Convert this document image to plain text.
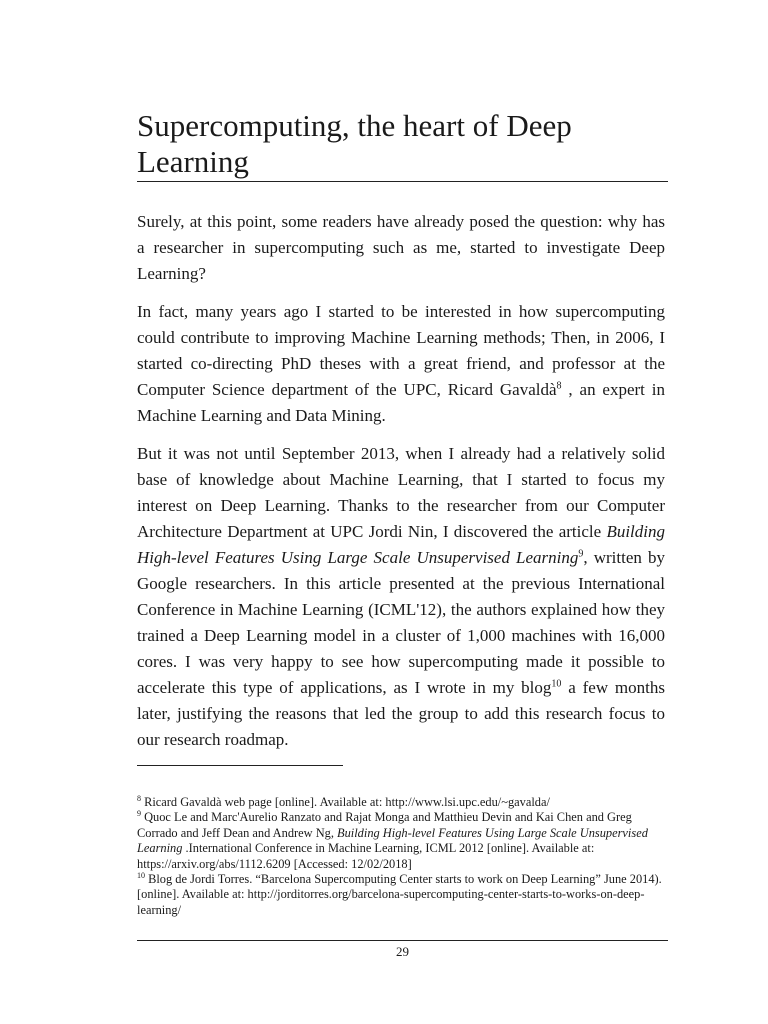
Supercomputing, the heart of Deep Learning

Surely, at this point, some readers have already posed the question: why has a researcher in supercomputing such as me, started to investigate Deep Learning?

In fact, many years ago I started to be interested in how supercomputing could contribute to improving Machine Learning methods; Then, in 2006, I started co-directing PhD theses with a great friend, and professor at the Computer Science department of the UPC, Ricard Gavaldà$^8$ , an expert in Machine Learning and Data Mining.

But it was not until September 2013, when I already had a relatively solid base of knowledge about Machine Learning, that I started to focus my interest on Deep Learning. Thanks to the researcher from our Computer Architecture Department at UPC Jordi Nin, I discovered the article Building High-level Features Using Large Scale Unsupervised Learning$^9$, written by Google researchers. In this article presented at the previous International Conference in Machine Learning (ICML'12), the authors explained how they trained a Deep Learning model in a cluster of 1,000 machines with 16,000 cores. I was very happy to see how supercomputing made it possible to accelerate this type of applications, as I wrote in my blog$^{10}$ a few months later, justifying the reasons that led the group to add this research focus to our research roadmap.

$^8$ Ricard Gavaldà web page [online]. Available at: http://www.lsi.upc.edu/~gavalda/
$^9$ Quoc Le and Marc'Aurelio Ranzato and Rajat Monga and Matthieu Devin and Kai Chen and Greg Corrado and Jeff Dean and Andrew Ng, Building High-level Features Using Large Scale Unsupervised Learning .International Conference in Machine Learning, ICML 2012 [online]. Available at: https://arxiv.org/abs/1112.6209 [Accessed: 12/02/2018]
$^{10}$ Blog de Jordi Torres. “Barcelona Supercomputing Center starts to work on Deep Learning” June 2014). [online]. Available at: http://jorditorres.org/barcelona-supercomputing-center-starts-to-works-on-deep-learning/
29
